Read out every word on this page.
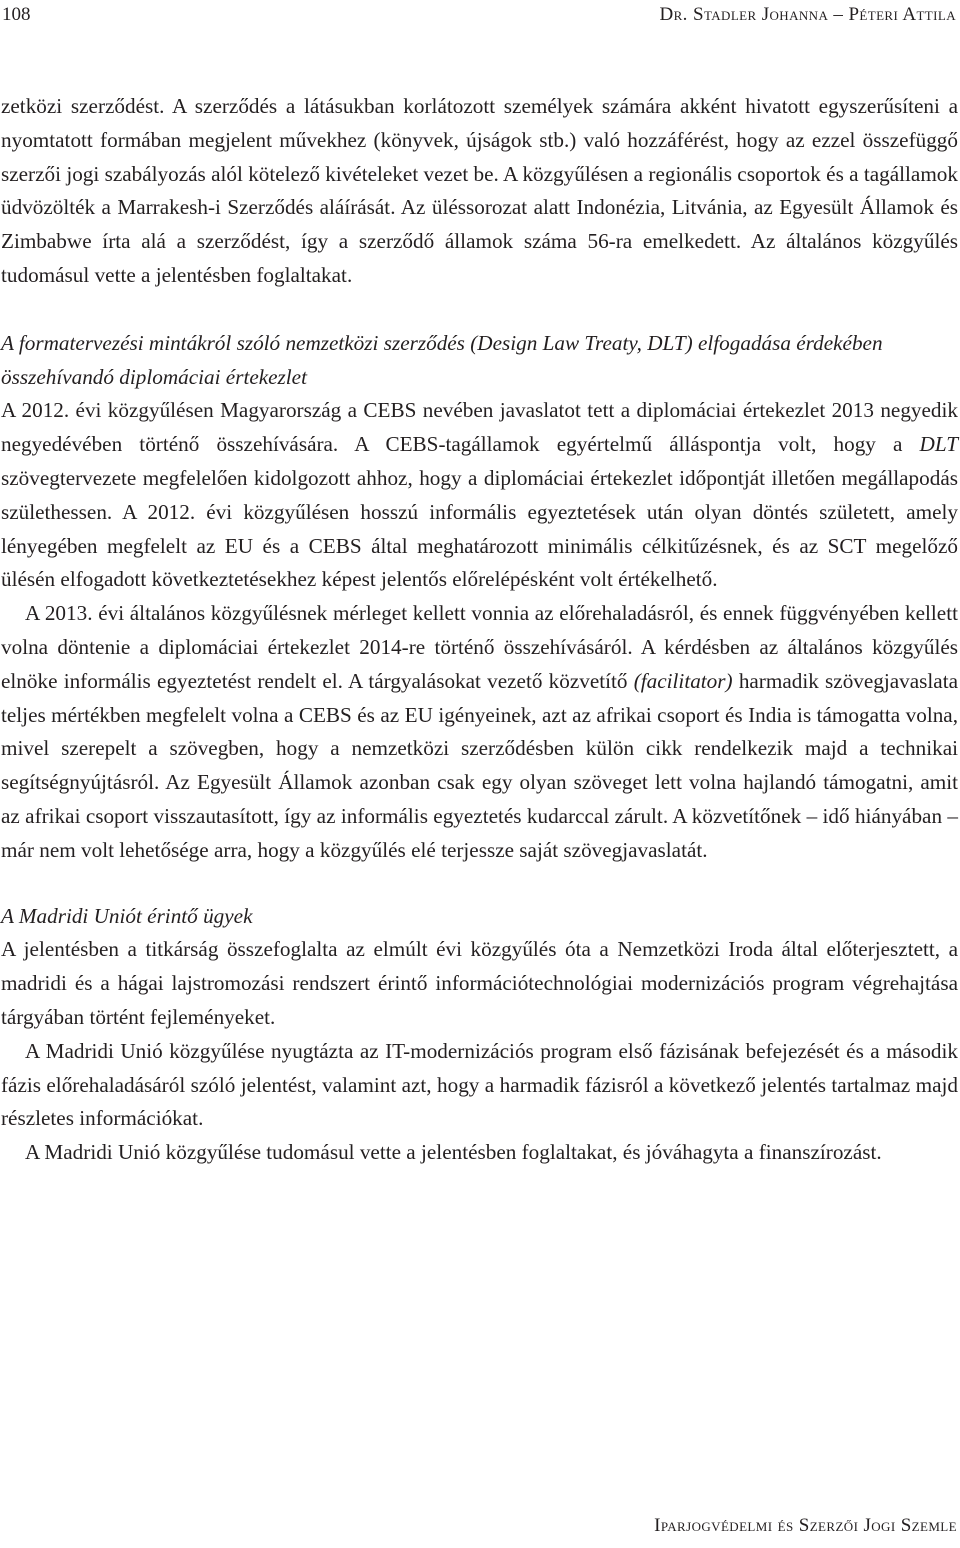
108	Dr. Stadler Johanna – Péteri Attila

zetközi szerződést. A szerződés a látásukban korlátozott személyek számára akként hivatott egyszerűsíteni a nyomtatott formában megjelent művekhez (könyvek, újságok stb.) való hozzáférést, hogy az ezzel összefüggő szerzői jogi szabályozás alól kötelező kivételeket vezet be. A közgyűlésen a regionális csoportok és a tagállamok üdvözölték a Marrakesh-i Szerződés aláírását. Az üléssorozat alatt Indonézia, Litvánia, az Egyesült Államok és Zimbabwe írta alá a szerződést, így a szerződő államok száma 56-ra emelkedett. Az általános közgyűlés tudomásul vette a jelentésben foglaltakat.

A formatervezési mintákról szóló nemzetközi szerződés (Design Law Treaty, DLT) elfogadása érdekében összehívandó diplomáciai értekezlet

A 2012. évi közgyűlésen Magyarország a CEBS nevében javaslatot tett a diplomáciai értekezlet 2013 negyedik negyedévében történő összehívására. A CEBS-tagállamok egyértelmű álláspontja volt, hogy a DLT szövegtervezete megfelelően kidolgozott ahhoz, hogy a diplomáciai értekezlet időpontját illetően megállapodás születhessen. A 2012. évi közgyűlésen hosszú informális egyeztetések után olyan döntés született, amely lényegében megfelelt az EU és a CEBS által meghatározott minimális célkitűzésnek, és az SCT megelőző ülésén elfogadott következtetésekhez képest jelentős előrelépésként volt értékelhető.

A 2013. évi általános közgyűlésnek mérleget kellett vonnia az előrehaladásról, és ennek függvényében kellett volna döntenie a diplomáciai értekezlet 2014-re történő összehívásáról. A kérdésben az általános közgyűlés elnöke informális egyeztetést rendelt el. A tárgyalásokat vezető közvetítő (facilitator) harmadik szövegjavaslata teljes mértékben megfelelt volna a CEBS és az EU igényeinek, azt az afrikai csoport és India is támogatta volna, mivel szerepelt a szövegben, hogy a nemzetközi szerződésben külön cikk rendelkezik majd a technikai segítségnyújtásról. Az Egyesült Államok azonban csak egy olyan szöveget lett volna hajlandó támogatni, amit az afrikai csoport visszautasított, így az informális egyeztetés kudarccal zárult. A közvetítőnek – idő hiányában – már nem volt lehetősége arra, hogy a közgyűlés elé terjessze saját szövegjavaslatát.

A Madridi Uniót érintő ügyek

A jelentésben a titkárság összefoglalta az elmúlt évi közgyűlés óta a Nemzetközi Iroda által előterjesztett, a madridi és a hágai lajstromozási rendszert érintő információtechnológiai modernizációs program végrehajtása tárgyában történt fejleményeket.

A Madridi Unió közgyűlése nyugtázta az IT-modernizációs program első fázisának befejezését és a második fázis előrehaladásáról szóló jelentést, valamint azt, hogy a harmadik fázisról a következő jelentés tartalmaz majd részletes információkat.

A Madridi Unió közgyűlése tudomásul vette a jelentésben foglaltakat, és jóváhagyta a finanszírozást.

Iparjogvédelmi és Szerzői Jogi Szemle
